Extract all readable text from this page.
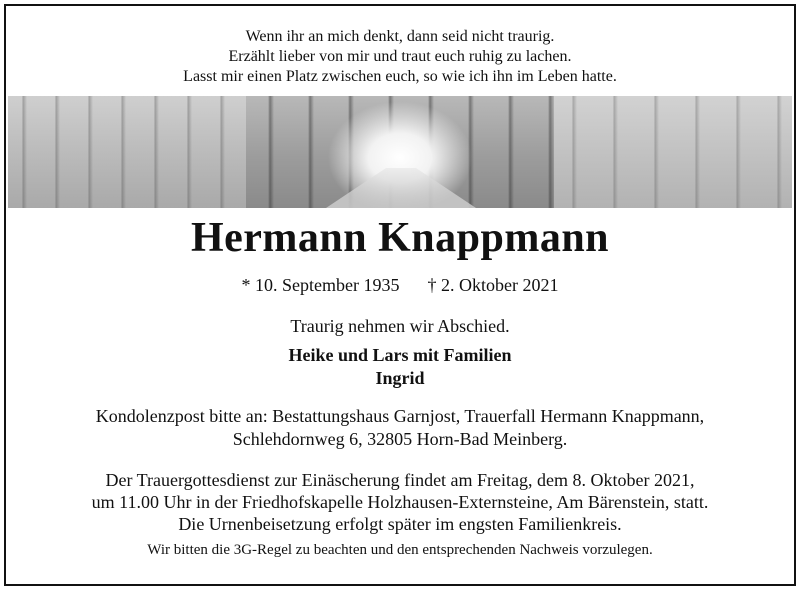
Wenn ihr an mich denkt, dann seid nicht traurig.
Erzählt lieber von mir und traut euch ruhig zu lachen.
Lasst mir einen Platz zwischen euch, so wie ich ihn im Leben hatte.
Hermann Knappmann
* 10. September 1935 † 2. Oktober 2021
Traurig nehmen wir Abschied.
Heike und Lars mit Familien
Ingrid
Kondolenzpost bitte an: Bestattungshaus Garnjost, Trauerfall Hermann Knappmann,
Schlehdornweg 6, 32805 Horn-Bad Meinberg.
Der Trauergottesdienst zur Einäscherung findet am Freitag, dem 8. Oktober 2021,
um 11.00 Uhr in der Friedhofskapelle Holzhausen-Externsteine, Am Bärenstein, statt.
Die Urnenbeisetzung erfolgt später im engsten Familienkreis.
Wir bitten die 3G-Regel zu beachten und den entsprechenden Nachweis vorzulegen.
